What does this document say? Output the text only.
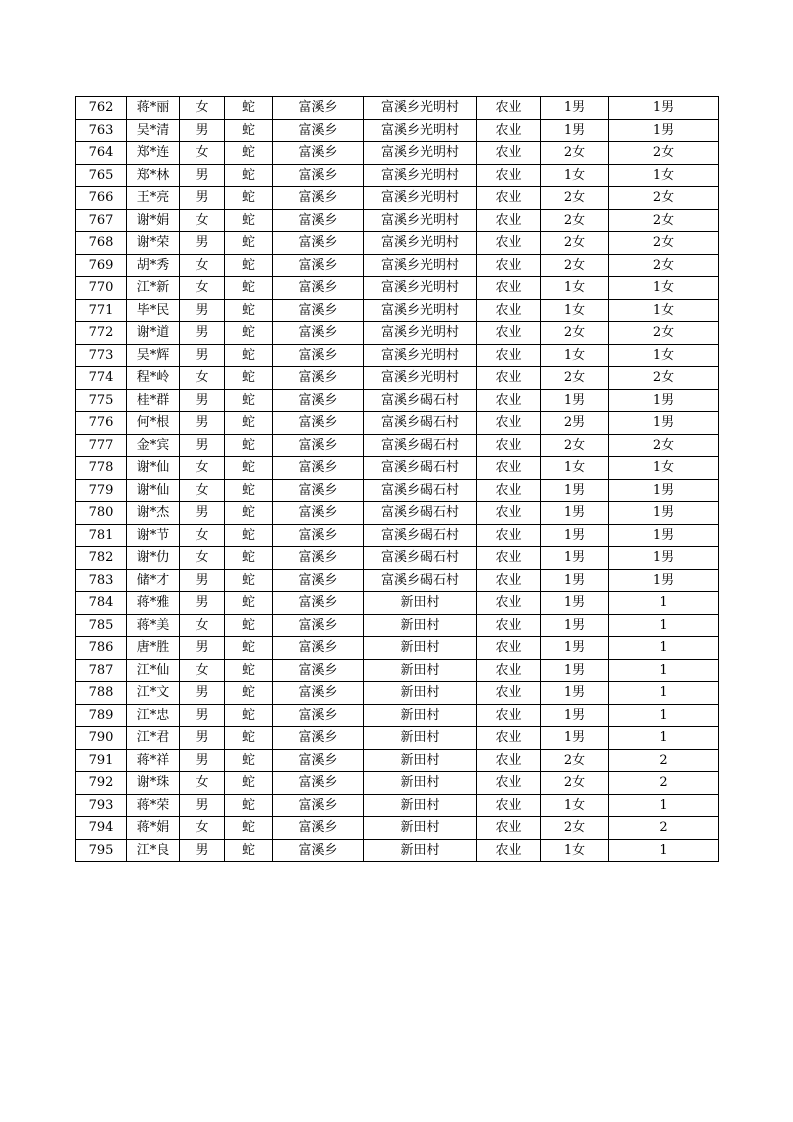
762	蒋*丽	女	蛇	富溪乡	富溪乡光明村	农业	1男	1男
763	吴*清	男	蛇	富溪乡	富溪乡光明村	农业	1男	1男
764	郑*连	女	蛇	富溪乡	富溪乡光明村	农业	2女	2女
765	郑*林	男	蛇	富溪乡	富溪乡光明村	农业	1女	1女
766	王*亮	男	蛇	富溪乡	富溪乡光明村	农业	2女	2女
767	谢*娟	女	蛇	富溪乡	富溪乡光明村	农业	2女	2女
768	谢*荣	男	蛇	富溪乡	富溪乡光明村	农业	2女	2女
769	胡*秀	女	蛇	富溪乡	富溪乡光明村	农业	2女	2女
770	江*新	女	蛇	富溪乡	富溪乡光明村	农业	1女	1女
771	毕*民	男	蛇	富溪乡	富溪乡光明村	农业	1女	1女
772	谢*道	男	蛇	富溪乡	富溪乡光明村	农业	2女	2女
773	吴*辉	男	蛇	富溪乡	富溪乡光明村	农业	1女	1女
774	程*岭	女	蛇	富溪乡	富溪乡光明村	农业	2女	2女
775	桂*群	男	蛇	富溪乡	富溪乡碣石村	农业	1男	1男
776	何*根	男	蛇	富溪乡	富溪乡碣石村	农业	2男	1男
777	金*宾	男	蛇	富溪乡	富溪乡碣石村	农业	2女	2女
778	谢*仙	女	蛇	富溪乡	富溪乡碣石村	农业	1女	1女
779	谢*仙	女	蛇	富溪乡	富溪乡碣石村	农业	1男	1男
780	谢*杰	男	蛇	富溪乡	富溪乡碣石村	农业	1男	1男
781	谢*节	女	蛇	富溪乡	富溪乡碣石村	农业	1男	1男
782	谢*仂	女	蛇	富溪乡	富溪乡碣石村	农业	1男	1男
783	储*才	男	蛇	富溪乡	富溪乡碣石村	农业	1男	1男
784	蒋*雅	男	蛇	富溪乡	新田村	农业	1男	1
785	蒋*美	女	蛇	富溪乡	新田村	农业	1男	1
786	唐*胜	男	蛇	富溪乡	新田村	农业	1男	1
787	江*仙	女	蛇	富溪乡	新田村	农业	1男	1
788	江*文	男	蛇	富溪乡	新田村	农业	1男	1
789	江*忠	男	蛇	富溪乡	新田村	农业	1男	1
790	江*君	男	蛇	富溪乡	新田村	农业	1男	1
791	蒋*祥	男	蛇	富溪乡	新田村	农业	2女	2
792	谢*珠	女	蛇	富溪乡	新田村	农业	2女	2
793	蒋*荣	男	蛇	富溪乡	新田村	农业	1女	1
794	蒋*娟	女	蛇	富溪乡	新田村	农业	2女	2
795	江*良	男	蛇	富溪乡	新田村	农业	1女	1
